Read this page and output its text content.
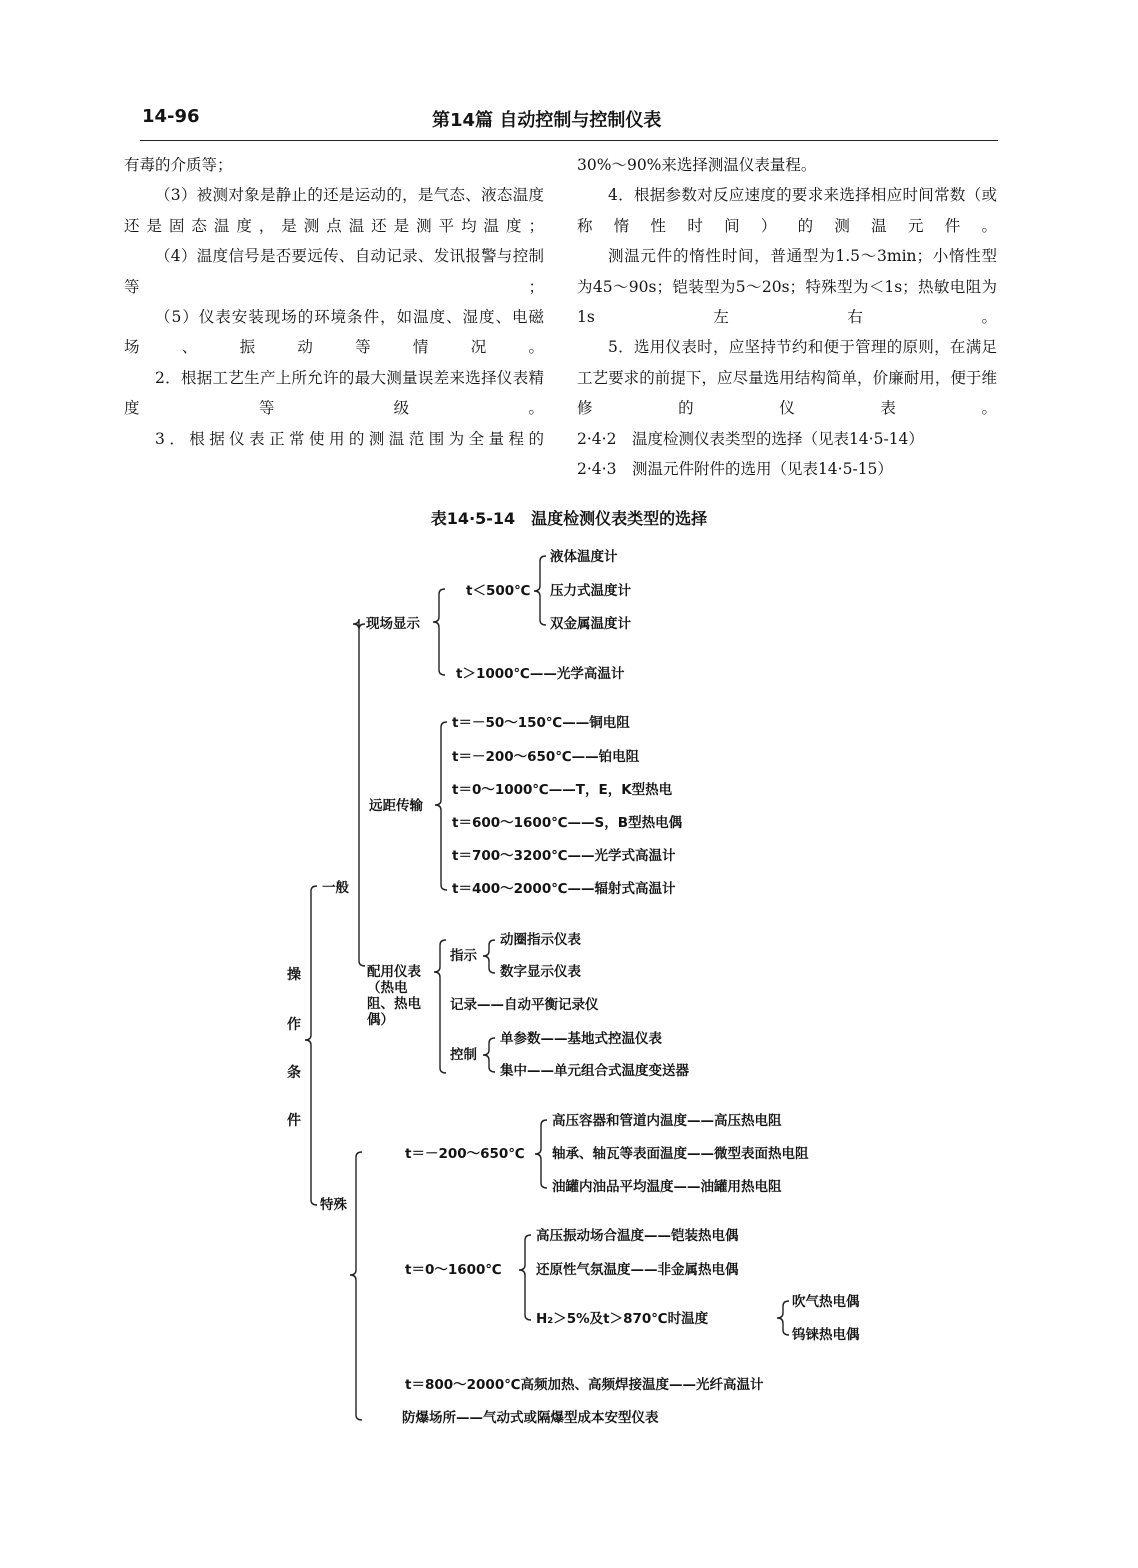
14-96	第14篇 自动控制与控制仪表

有毒的介质等；

（3）被测对象是静止的还是运动的，是气态、液态温度还是固态温度，是测点温还是测平均温度；

（4）温度信号是否要远传、自动记录、发讯报警与控制等；

（5）仪表安装现场的环境条件，如温度、湿度、电磁场、振动等情况。

2．根据工艺生产上所允许的最大测量误差来选择仪表精度等级。

3．根据仪表正常使用的测温范围为全量程的

30%～90%来选择测温仪表量程。

4．根据参数对反应速度的要求来选择相应时间常数（或称惰性时间）的测温元件。

测温元件的惰性时间，普通型为1.5～3min；小惰性型为45～90s；铠装型为5～20s；特殊型为＜1s；热敏电阻为1s左右。

5．选用仪表时，应坚持节约和便于管理的原则，在满足工艺要求的前提下，应尽量选用结构简单，价廉耐用，便于维修的仪表。

2·4·2　温度检测仪表类型的选择（见表14·5-14）

2·4·3　测温元件附件的选用（见表14·5-15）

表14·5-14　温度检测仪表类型的选择
操
作
条
件
一般
特殊
现场显示
t＜500℃
液体温度计
压力式温度计
双金属温度计
t＞1000℃——光学高温计
远距传输
t＝－50～150℃——铜电阻
t＝－200～650℃——铂电阻
t＝0～1000℃——T，E，K型热电
t＝600～1600℃——S，B型热电偶
t＝700～3200℃——光学式高温计
t＝400～2000℃——辐射式高温计
配用仪表
（热电
阻、热电
偶）
指示
动圈指示仪表
数字显示仪表
记录——自动平衡记录仪
控制
单参数——基地式控温仪表
集中——单元组合式温度变送器
t＝－200～650℃
高压容器和管道内温度——高压热电阻
轴承、轴瓦等表面温度——微型表面热电阻
油罐内油品平均温度——油罐用热电阻
t＝0～1600℃
高压振动场合温度——铠装热电偶
还原性气氛温度——非金属热电偶
H₂＞5%及t＞870℃时温度
吹气热电偶
钨铼热电偶
t＝800～2000℃高频加热、高频焊接温度——光纤高温计
防爆场所——气动式或隔爆型成本安型仪表
